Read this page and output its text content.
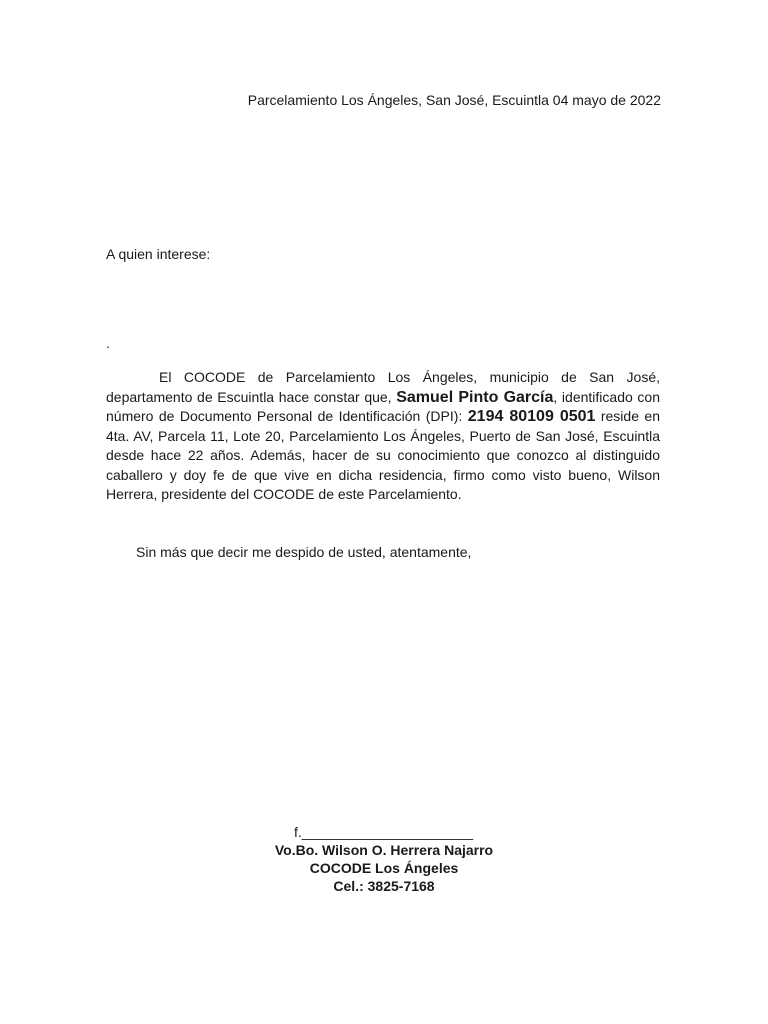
Parcelamiento Los Ángeles, San José, Escuintla 04 mayo de 2022
A quien interese:
.
El COCODE de Parcelamiento Los Ángeles, municipio de San José, departamento de Escuintla hace constar que, Samuel Pinto García, identificado con número de Documento Personal de Identificación (DPI): 2194 80109 0501 reside en 4ta. AV, Parcela 11, Lote 20, Parcelamiento Los Ángeles, Puerto de San José, Escuintla desde hace 22 años. Además, hacer de su conocimiento que conozco al distinguido caballero y doy fe de que vive en dicha residencia, firmo como visto bueno, Wilson Herrera, presidente del COCODE de este Parcelamiento.
Sin más que decir me despido de usted, atentamente,
f.______________________
Vo.Bo. Wilson O. Herrera Najarro
COCODE Los Ángeles
Cel.: 3825-7168
